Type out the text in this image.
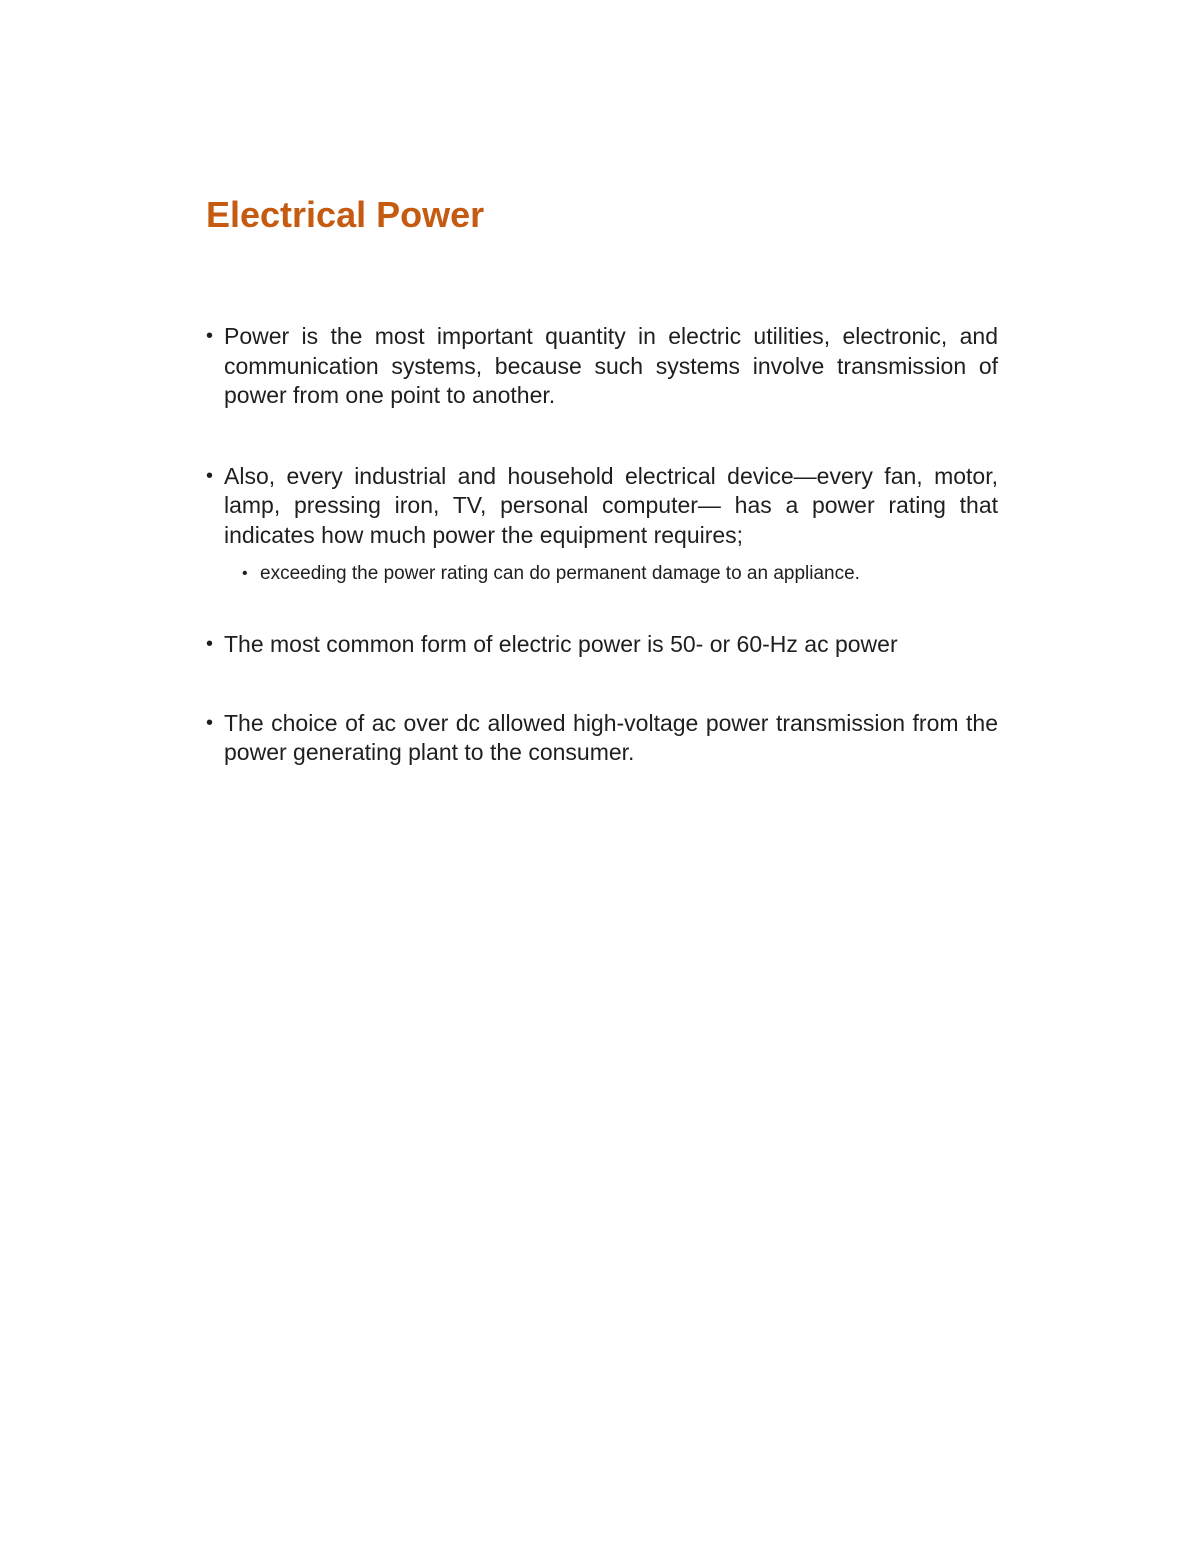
Electrical Power
• Power is the most important quantity in electric utilities, electronic, and communication systems, because such systems involve transmission of power from one point to another.
• Also, every industrial and household electrical device—every fan, motor, lamp, pressing iron, TV, personal computer— has a power rating that indicates how much power the equipment requires;
• exceeding the power rating can do permanent damage to an appliance.
• The most common form of electric power is 50- or 60-Hz ac power
• The choice of ac over dc allowed high-voltage power transmission from the power generating plant to the consumer.
